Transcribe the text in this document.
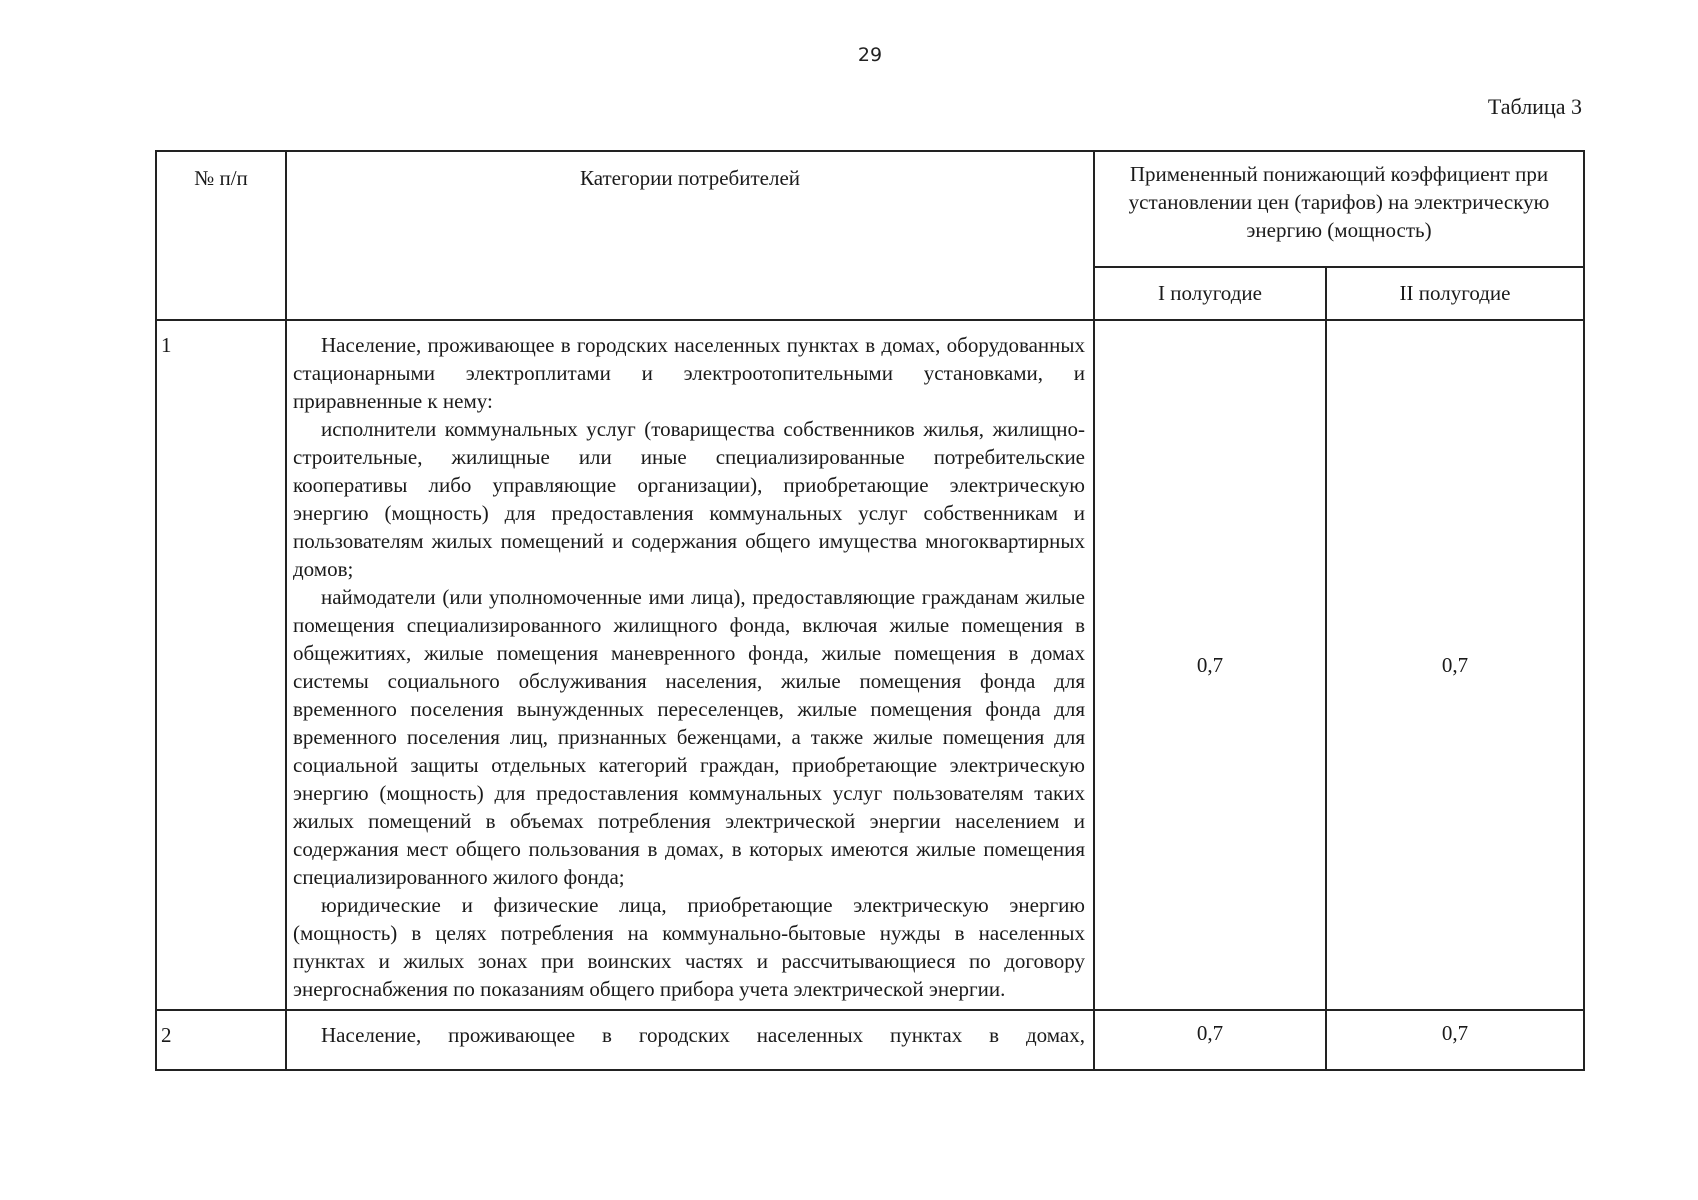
29
Таблица 3
№ п/п	Категории потребителей	Примененный понижающий коэффициент при установлении цен (тарифов) на электрическую энергию (мощность)	
		I полугодие	II полугодие
1	Население, проживающее в городских населенных пунктах в домах, оборудованных стационарными электроплитами и электроотопительными установками, и приравненные к нему:

исполнители коммунальных услуг (товарищества собственников жилья, жилищно-строительные, жилищные или иные специализированные потребительские кооперативы либо управляющие организации), приобретающие электрическую энергию (мощность) для предоставления коммунальных услуг собственникам и пользователям жилых помещений и содержания общего имущества многоквартирных домов;

наймодатели (или уполномоченные ими лица), предоставляющие гражданам жилые помещения специализированного жилищного фонда, включая жилые помещения в общежитиях, жилые помещения маневренного фонда, жилые помещения в домах системы социального обслуживания населения, жилые помещения фонда для временного поселения вынужденных переселенцев, жилые помещения фонда для временного поселения лиц, признанных беженцами, а также жилые помещения для социальной защиты отдельных категорий граждан, приобретающие электрическую энергию (мощность) для предоставления коммунальных услуг пользователям таких жилых помещений в объемах потребления электрической энергии населением и содержания мест общего пользования в домах, в которых имеются жилые помещения специализированного жилого фонда;

юридические и физические лица, приобретающие электрическую энергию (мощность) в целях потребления на коммунально-бытовые нужды в населенных пунктах и жилых зонах при воинских частях и рассчитывающиеся по договору энергоснабжения по показаниям общего прибора учета электрической энергии.	0,7	0,7
2	Население, проживающее в городских населенных пунктах в домах,	0,7	0,7
